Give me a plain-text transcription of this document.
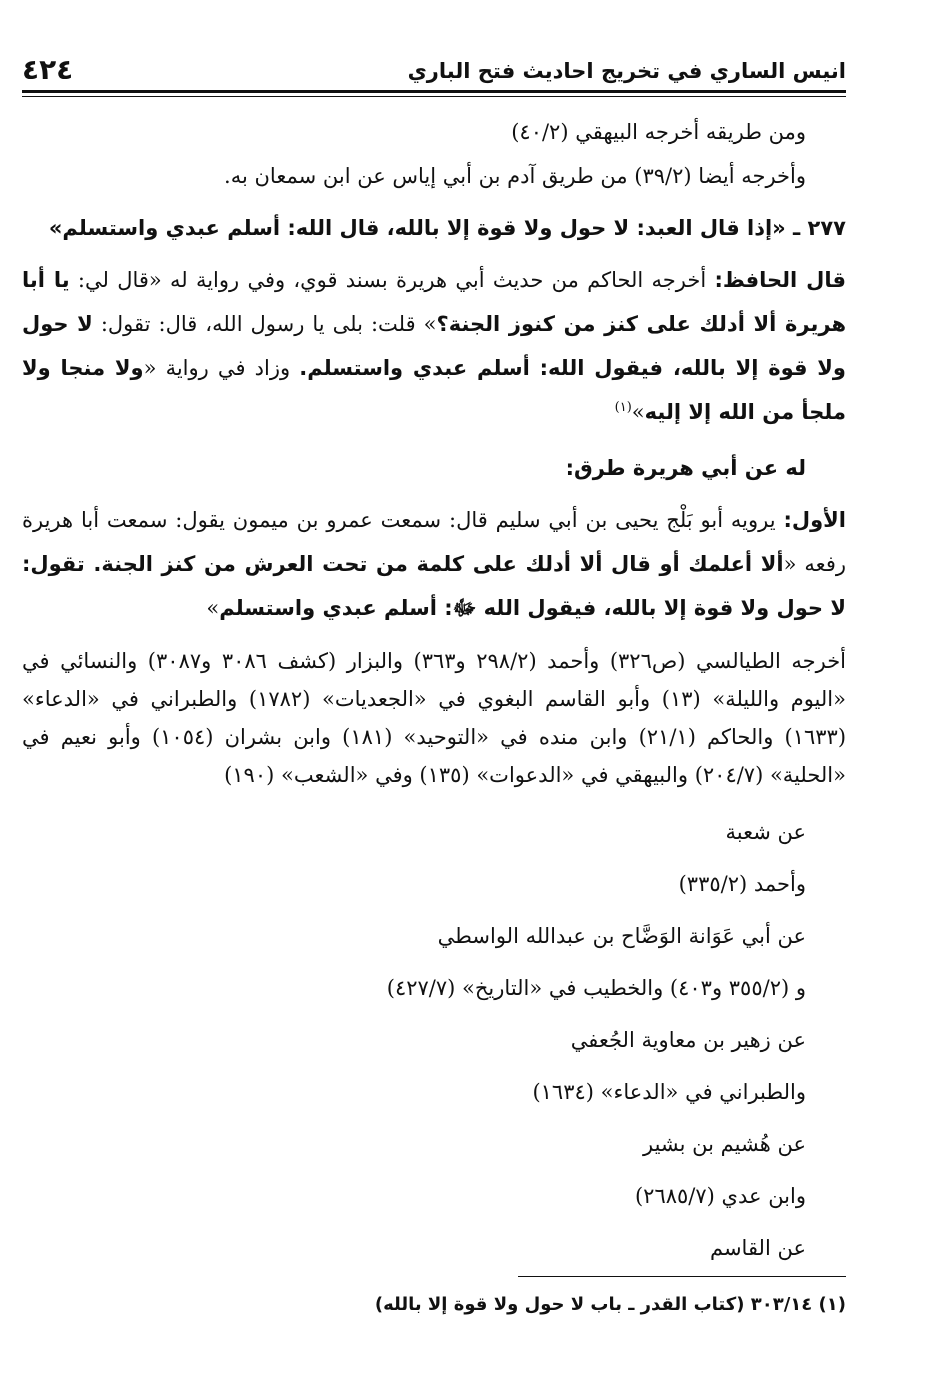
انيس الساري في تخريج احاديث فتح الباري
٤٢٤

ومن طريقه أخرجه البيهقي (٤٠/٢)

وأخرجه أيضا (٣٩/٢) من طريق آدم بن أبي إياس عن ابن سمعان به.

٢٧٧ ـ «إذا قال العبد: لا حول ولا قوة إلا بالله، قال الله: أسلم عبدي واستسلم»

قال الحافظ: أخرجه الحاكم من حديث أبي هريرة بسند قوي، وفي رواية له «قال لي: يا أبا هريرة ألا أدلك على كنز من كنوز الجنة؟» قلت: بلى يا رسول الله، قال: تقول: لا حول ولا قوة إلا بالله، فيقول الله: أسلم عبدي واستسلم. وزاد في رواية «ولا منجا ولا ملجأ من الله إلا إليه»$^{(١)}$

له عن أبي هريرة طرق:

الأول: يرويه أبو بَلْج يحيى بن أبي سليم قال: سمعت عمرو بن ميمون يقول: سمعت أبا هريرة رفعه «ألا أعلمك أو قال ألا أدلك على كلمة من تحت العرش من كنز الجنة. تقول: لا حول ولا قوة إلا بالله، فيقول الله ﷻ: أسلم عبدي واستسلم»

أخرجه الطيالسي (ص٣٢٦) وأحمد (٢٩٨/٢ و٣٦٣) والبزار (كشف ٣٠٨٦ و٣٠٨٧) والنسائي في «اليوم والليلة» (١٣) وأبو القاسم البغوي في «الجعديات» (١٧٨٢) والطبراني في «الدعاء» (١٦٣٣) والحاكم (٢١/١) وابن منده في «التوحيد» (١٨١) وابن بشران (١٠٥٤) وأبو نعيم في «الحلية» (٢٠٤/٧) والبيهقي في «الدعوات» (١٣٥) وفي «الشعب» (١٩٠)

عن شعبة

وأحمد (٣٣٥/٢)

عن أبي عَوَانة الوَضَّاح بن عبدالله الواسطي

و (٣٥٥/٢ و٤٠٣) والخطيب في «التاريخ» (٤٢٧/٧)

عن زهير بن معاوية الجُعفي

والطبراني في «الدعاء» (١٦٣٤)

عن هُشيم بن بشير

وابن عدي (٢٦٨٥/٧)

عن القاسم

(١) ٣٠٣/١٤ (كتاب القدر ـ باب لا حول ولا قوة إلا بالله)
